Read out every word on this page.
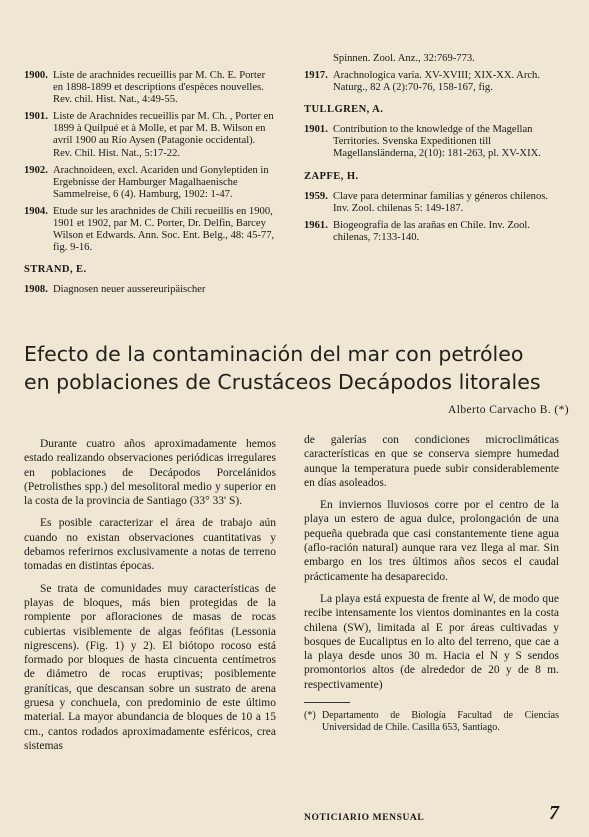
1900. Liste de arachnides recueillis par M. Ch. E. Porter en 1898-1899 et descriptions d'espèces nouvelles. Rev. chil. Hist. Nat., 4:49-55.
1901. Liste de Arachnides recueillis par M. Ch. , Porter en 1899 à Quilpué et à Molle, et par M. B. Wilson en avril 1900 au Río Aysen (Patagonie occidental). Rev. Chil. Hist. Nat., 5:17-22.
1902. Arachnoideen, excl. Acariden und Gonyleptiden in Ergebnisse der Hamburger Magalhaenische Sammelreise, 6 (4). Hamburg, 1902: 1-47.
1904. Etude sur les arachnides de Chili recueillis en 1900, 1901 et 1902, par M. C. Porter, Dr. Delfin, Barcey Wilson et Edwards. Ann. Soc. Ent. Belg., 48: 45-77, fig. 9-16.
STRAND, E.
1908. Diagnosen neuer aussereuripäischer
Spinnen. Zool. Anz., 32:769-773.
1917. Arachnologica varia. XV-XVIII; XIX-XX. Arch. Naturg., 82 A (2):70-76, 158-167, fig.
TULLGREN, A.
1901. Contribution to the knowledge of the Magellan Territories. Svenska Expeditionen till Magellansländerna, 2(10): 181-263, pl. XV-XIX.
ZAPFE, H.
1959. Clave para determinar familias y géneros chilenos. Inv. Zool. chilenas 5: 149-187.
1961. Biogeografía de las arañas en Chile. Inv. Zool. chilenas, 7:133-140.
Efecto de la contaminación del mar con petróleo
en poblaciones de Crustáceos Decápodos litorales
Alberto Carvacho B. (*)

Durante cuatro años aproximadamente hemos estado realizando observaciones periódicas irregulares en poblaciones de Decápodos Porcelánidos (Petrolisthes spp.) del mesolitoral medio y superior en la costa de la provincia de Santiago (33° 33' S).

Es posible caracterizar el área de trabajo aún cuando no existan observaciones cuantitativas y debamos referirnos exclusivamente a notas de terreno tomadas en distintas épocas.

Se trata de comunidades muy características de playas de bloques, más bien protegidas de la rompiente por afloraciones de masas de rocas cubiertas visiblemente de algas feófitas (Lessonia nigrescens). (Fig. 1) y 2). El biótopo rocoso está formado por bloques de hasta cincuenta centímetros de diámetro de rocas eruptivas; posiblemente graníticas, que descansan sobre un sustrato de arena gruesa y conchuela, con predominio de este último material. La mayor abundancia de bloques de 10 a 15 cm., cantos rodados aproximadamente esféricos, crea sistemas

de galerías con condiciones microclimáticas características en que se conserva siempre humedad aunque la temperatura puede subir considerablemente en días asoleados.

En inviernos lluviosos corre por el centro de la playa un estero de agua dulce, prolongación de una pequeña quebrada que casi constantemente tiene agua (aflo-ración natural) aunque rara vez llega al mar. Sin embargo en los tres últimos años secos el caudal prácticamente ha desaparecido.

La playa está expuesta de frente al W, de modo que recibe intensamente los vientos dominantes en la costa chilena (SW), limitada al E por áreas cultivadas y bosques de Eucaliptus en lo alto del terreno, que cae a la playa desde unos 30 m. Hacia el N y S sendos promontorios altos (de alrededor de 20 y de 8 m. respectivamente)

(*) Departamento de Biología Facultad de Ciencias Universidad de Chile. Casilla 653, Santiago.
NOTICIARIO MENSUAL	7
